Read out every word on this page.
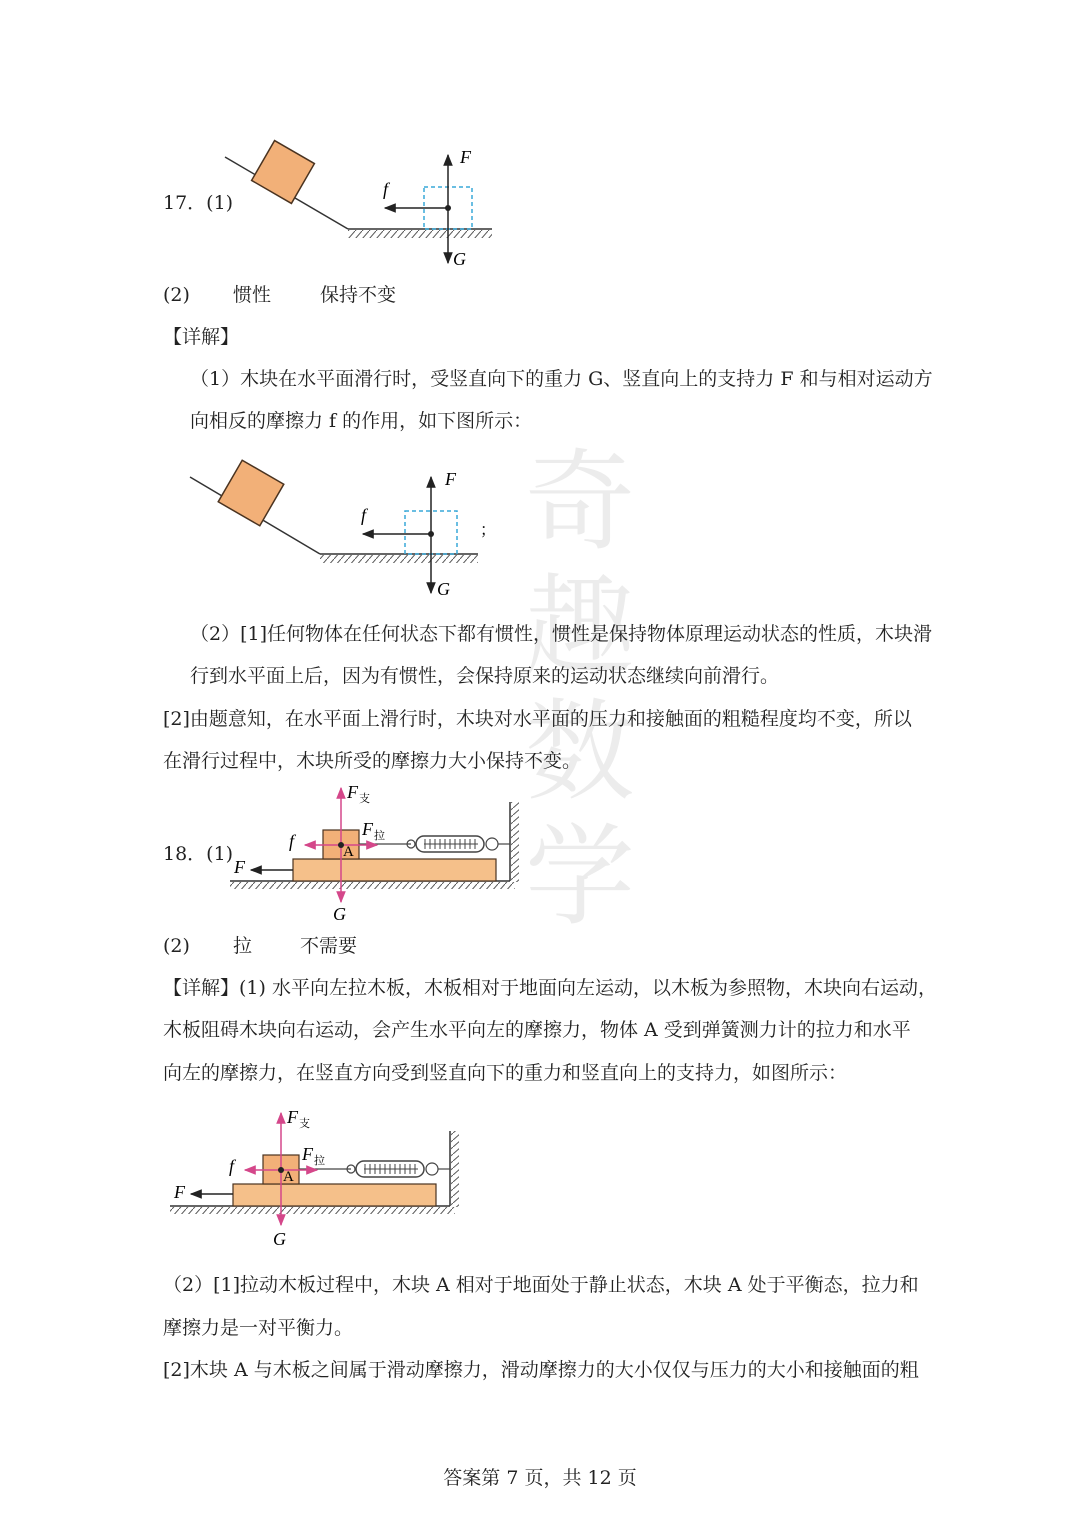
奇
趣
数
学
17．(1)
F
f
G
(2) 惯性	保持不变
【详解】
（1）木块在水平面滑行时，受竖直向下的重力 G、竖直向上的支持力 F 和与相对运动方
向相反的摩擦力 f 的作用，如下图所示：
F
f
G
；
（2）[1]任何物体在任何状态下都有惯性，惯性是保持物体原理运动状态的性质，木块滑
行到水平面上后，因为有惯性，会保持原来的运动状态继续向前滑行。
[2]由题意知，在水平面上滑行时，木块对水平面的压力和接触面的粗糙程度均不变，所以
在滑行过程中，木块所受的摩擦力大小保持不变。
18．(1)	A
F 支
F 拉
f
F
G
(2) 拉	不需要
【详解】(1) 水平向左拉木板，木板相对于地面向左运动，以木板为参照物，木块向右运动，
木板阻碍木块向右运动，会产生水平向左的摩擦力，物体 A 受到弹簧测力计的拉力和水平
向左的摩擦力，在竖直方向受到竖直向下的重力和竖直向上的支持力，如图所示：
A
F 支
F 拉
f
F
G
（2）[1]拉动木板过程中，木块 A 相对于地面处于静止状态，木块 A 处于平衡态，拉力和
摩擦力是一对平衡力。
[2]木块 A 与木板之间属于滑动摩擦力，滑动摩擦力的大小仅仅与压力的大小和接触面的粗
答案第 7 页，共 12 页
